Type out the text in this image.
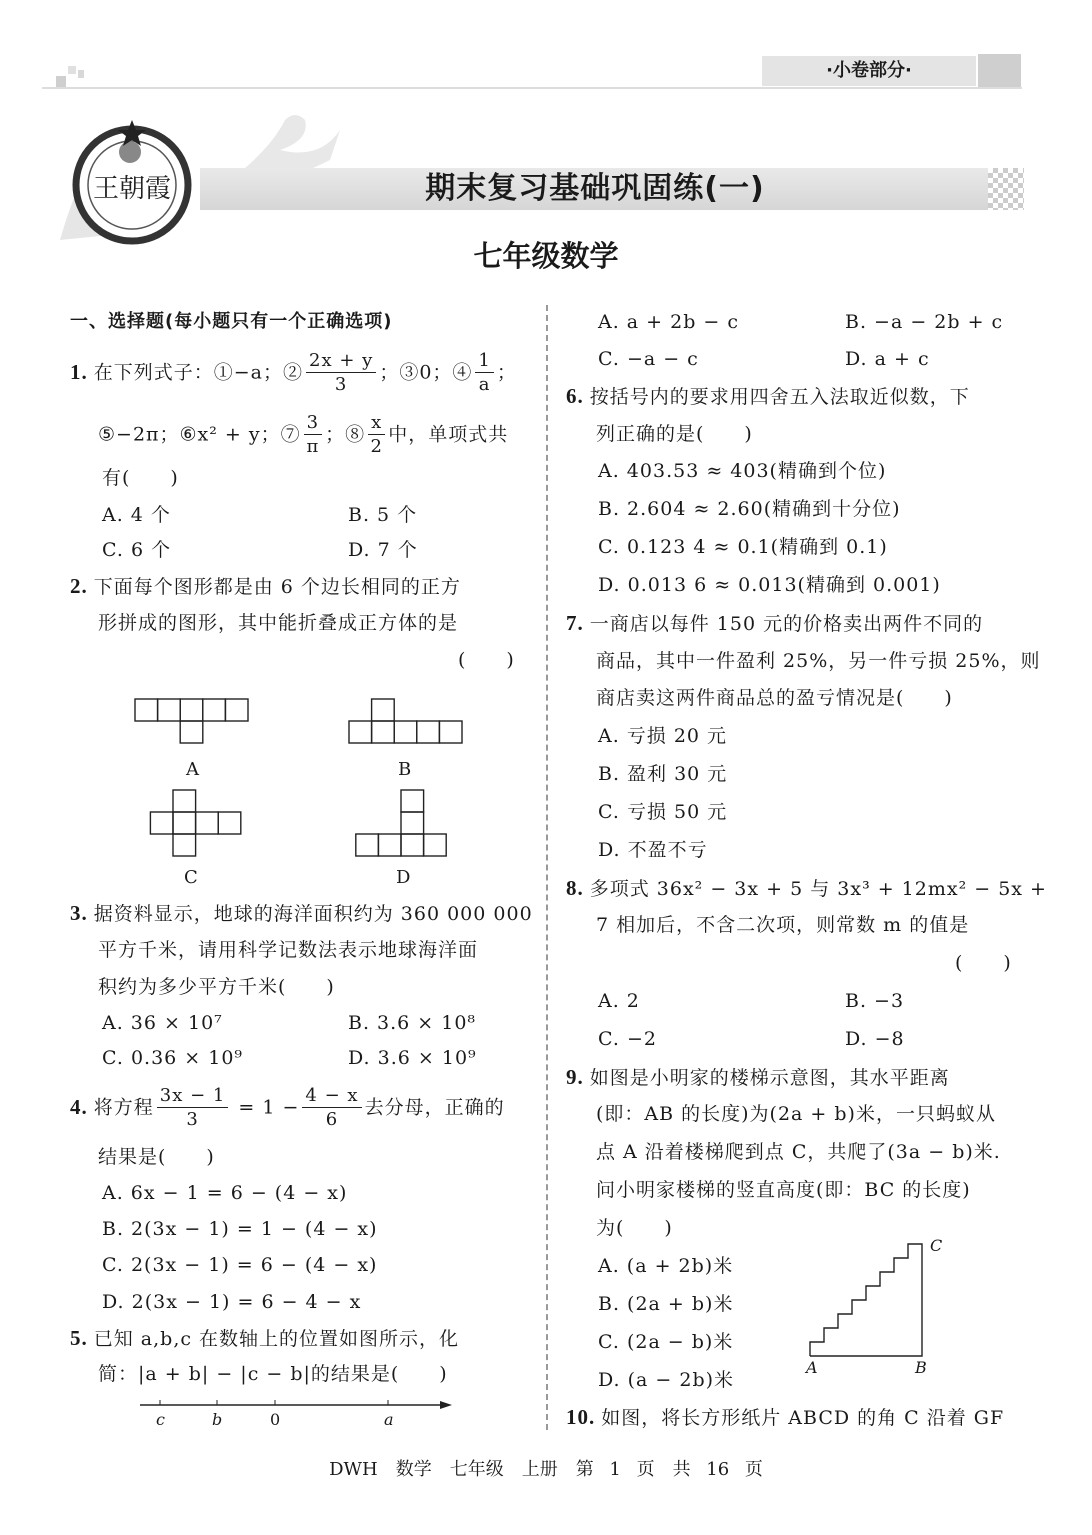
·小卷部分·
王朝霞	期末复习基础巩固练(一)
七年级数学
一、选择题(每小题只有一个正确选项)
1. 在下列式子：①−a；② $\frac{2x + y}{3}$ ；③0；④ $\frac{1}{a}$ ；
⑤−2π；⑥x² + y；⑦ $\frac{3}{\pi}$ ；⑧ $\frac{x}{2}$ 中，单项式共
有(　　)
A. 4 个	B. 5 个
C. 6 个	D. 7 个
2. 下面每个图形都是由 6 个边长相同的正方
形拼成的图形，其中能折叠成正方体的是
(　　)
A	B
C	D
3. 据资料显示，地球的海洋面积约为 360 000 000
平方千米，请用科学记数法表示地球海洋面
积约为多少平方千米(　　)
A. 36 × 10⁷	B. 3.6 × 10⁸
C. 0.36 × 10⁹	D. 3.6 × 10⁹
4. 将方程 $\frac{3x - 1}{3} = 1 - \frac{4 - x}{6}$ 去分母，正确的
结果是(　　)
A. 6x − 1 = 6 − (4 − x)
B. 2(3x − 1) = 1 − (4 − x)
C. 2(3x − 1) = 6 − (4 − x)
D. 2(3x − 1) = 6 − 4 − x
5. 已知 a,b,c 在数轴上的位置如图所示，化
简：|a + b| − |c − b|的结果是(　　)
c	b	0	a
A. a + 2b − c	B. −a − 2b + c
C. −a − c	D. a + c
6. 按括号内的要求用四舍五入法取近似数，下
列正确的是(　　)
A. 403.53 ≈ 403(精确到个位)
B. 2.604 ≈ 2.60(精确到十分位)
C. 0.123 4 ≈ 0.1(精确到 0.1)
D. 0.013 6 ≈ 0.013(精确到 0.001)
7. 一商店以每件 150 元的价格卖出两件不同的
商品，其中一件盈利 25%，另一件亏损 25%，则
商店卖这两件商品总的盈亏情况是(　　)
A. 亏损 20 元
B. 盈利 30 元
C. 亏损 50 元
D. 不盈不亏
8. 多项式 36x² − 3x + 5 与 3x³ + 12mx² − 5x +
7 相加后，不含二次项，则常数 m 的值是
(　　)
A. 2	B. −3
C. −2	D. −8
9. 如图是小明家的楼梯示意图，其水平距离
(即：AB 的长度)为(2a + b)米，一只蚂蚁从
点 A 沿着楼梯爬到点 C，共爬了(3a − b)米.
问小明家楼梯的竖直高度(即：BC 的长度)
为(　　)
A. (a + 2b)米
B. (2a + b)米
C. (2a − b)米
D. (a − 2b)米
A	B
C
10. 如图，将长方形纸片 ABCD 的角 C 沿着 GF
DWH　数学　七年级　上册　第 1 页　共 16 页
